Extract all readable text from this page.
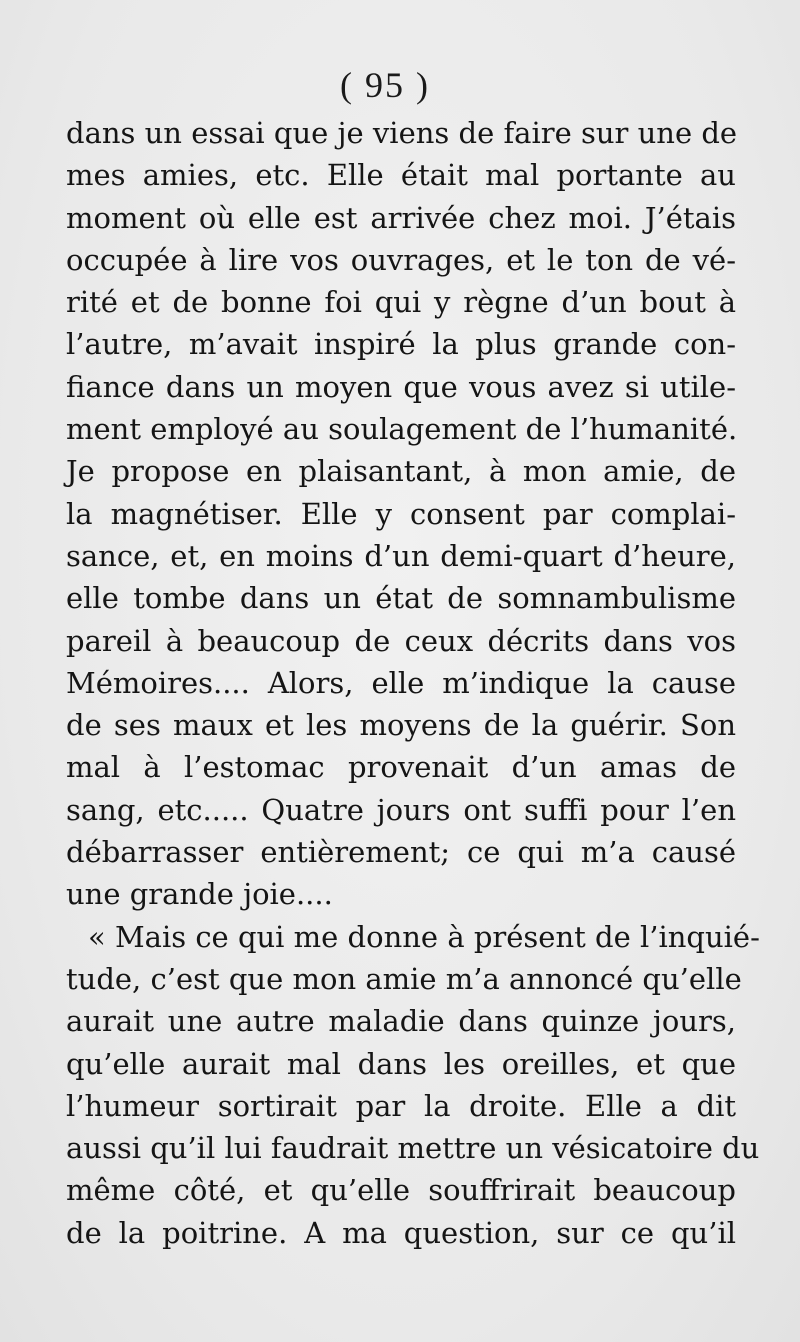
( 95 )
dans un essai que je viens de faire sur une de
mes amies, etc. Elle était mal portante au
moment où elle est arrivée chez moi. J’étais
occupée à lire vos ouvrages, et le ton de vé-
rité et de bonne foi qui y règne d’un bout à
l’autre, m’avait inspiré la plus grande con-
fiance dans un moyen que vous avez si utile-
ment employé au soulagement de l’humanité.
Je propose en plaisantant, à mon amie, de
la magnétiser. Elle y consent par complai-
sance, et, en moins d’un demi-quart d’heure,
elle tombe dans un état de somnambulisme
pareil à beaucoup de ceux décrits dans vos
Mémoires.... Alors, elle m’indique la cause
de ses maux et les moyens de la guérir. Son
mal à l’estomac provenait d’un amas de
sang, etc..... Quatre jours ont suffi pour l’en
débarrasser entièrement; ce qui m’a causé
une grande joie....
« Mais ce qui me donne à présent de l’inquié-
tude, c’est que mon amie m’a annoncé qu’elle
aurait une autre maladie dans quinze jours,
qu’elle aurait mal dans les oreilles, et que
l’humeur sortirait par la droite. Elle a dit
aussi qu’il lui faudrait mettre un vésicatoire du
même côté, et qu’elle souffrirait beaucoup
de la poitrine. A ma question, sur ce qu’il
